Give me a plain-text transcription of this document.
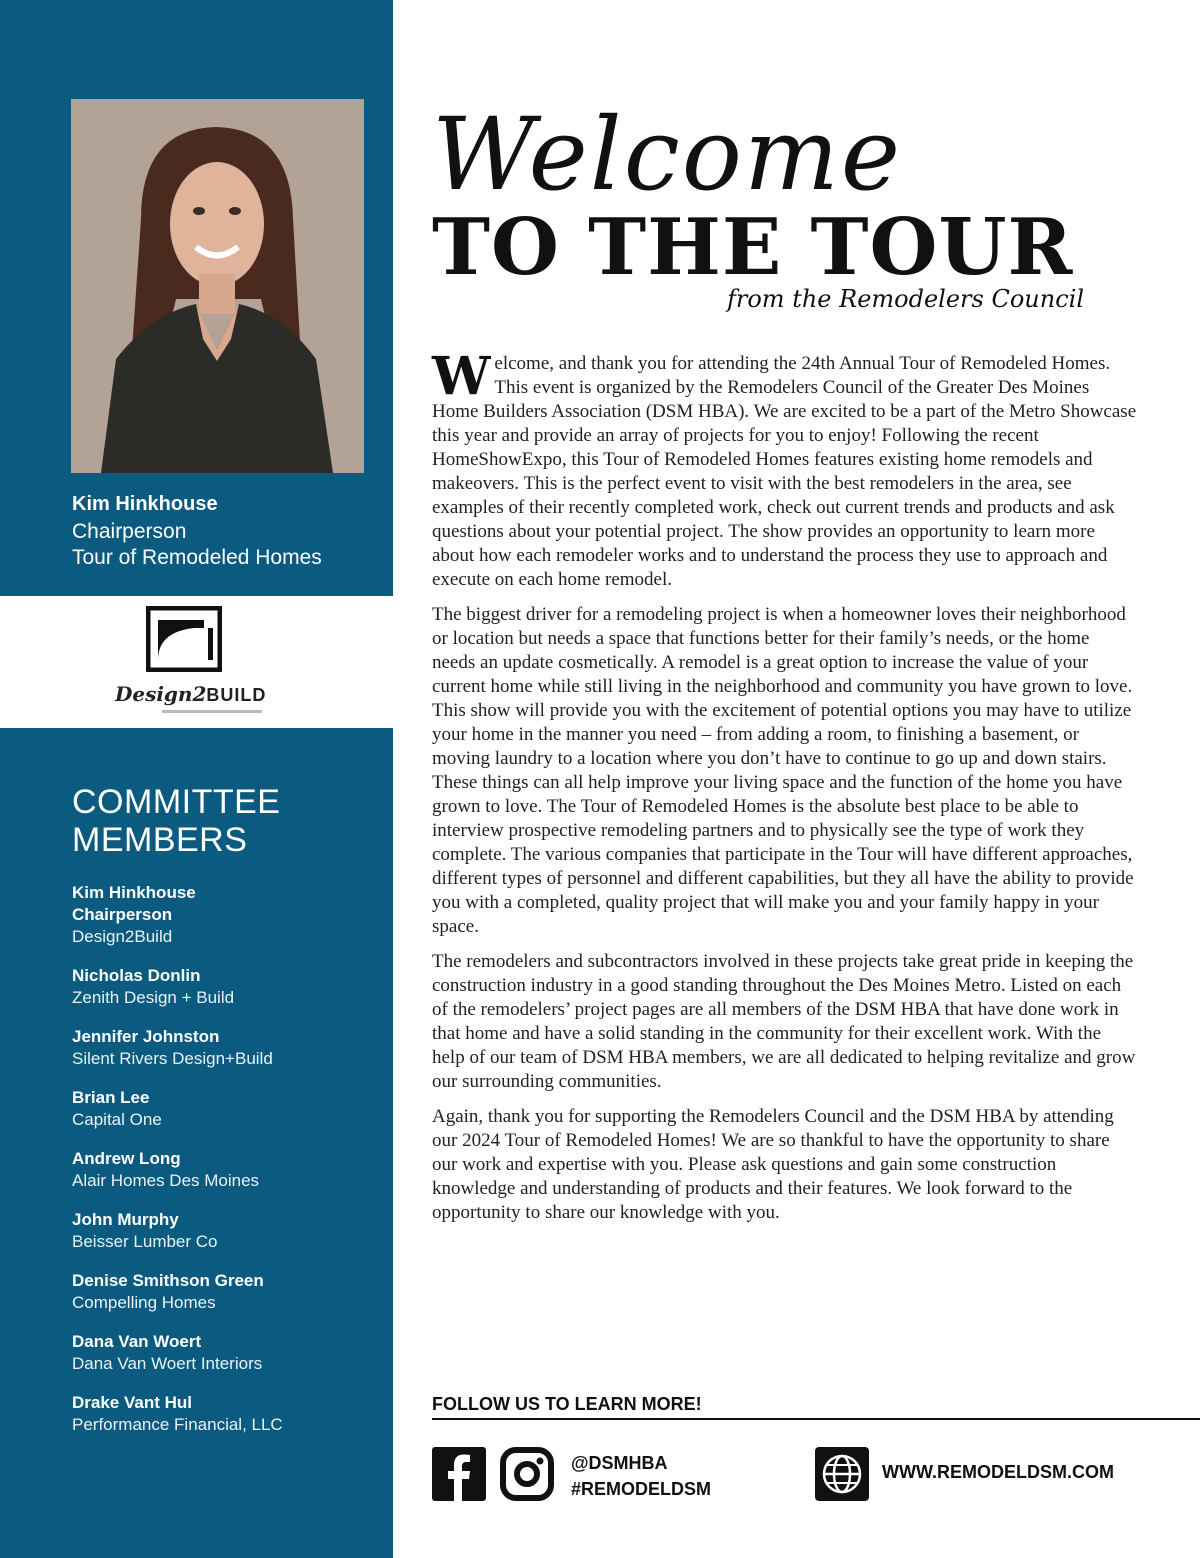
Kim Hinkhouse
Chairperson
Tour of Remodeled Homes
Design2BUILD
COMMITTEE
MEMBERS
Kim Hinkhouse
Chairperson
Design2Build
Nicholas Donlin
Zenith Design + Build
Jennifer Johnston
Silent Rivers Design+Build
Brian Lee
Capital One
Andrew Long
Alair Homes Des Moines
John Murphy
Beisser Lumber Co
Denise Smithson Green
Compelling Homes
Dana Van Woert
Dana Van Woert Interiors
Drake Vant Hul
Performance Financial, LLC
Welcome
TO THE TOUR
from the Remodelers Council

Welcome, and thank you for attending the 24th Annual Tour of Remodeled Homes. This event is organized by the Remodelers Council of the Greater Des Moines Home Builders Association (DSM HBA). We are excited to be a part of the Metro Showcase this year and provide an array of projects for you to enjoy! Following the recent HomeShowExpo, this Tour of Remodeled Homes features existing home remodels and makeovers. This is the perfect event to visit with the best remodelers in the area, see examples of their recently completed work, check out current trends and products and ask questions about your potential project. The show provides an opportunity to learn more about how each remodeler works and to understand the process they use to approach and execute on each home remodel.

The biggest driver for a remodeling project is when a homeowner loves their neighborhood or location but needs a space that functions better for their family’s needs, or the home needs an update cosmetically. A remodel is a great option to increase the value of your current home while still living in the neighborhood and community you have grown to love. This show will provide you with the excitement of potential options you may have to utilize your home in the manner you need – from adding a room, to finishing a basement, or moving laundry to a location where you don’t have to continue to go up and down stairs. These things can all help improve your living space and the function of the home you have grown to love. The Tour of Remodeled Homes is the absolute best place to be able to interview prospective remodeling partners and to physically see the type of work they complete. The various companies that participate in the Tour will have different approaches, different types of personnel and different capabilities, but they all have the ability to provide you with a completed, quality project that will make you and your family happy in your space.

The remodelers and subcontractors involved in these projects take great pride in keeping the construction industry in a good standing throughout the Des Moines Metro. Listed on each of the remodelers’ project pages are all members of the DSM HBA that have done work in that home and have a solid standing in the community for their excellent work. With the help of our team of DSM HBA members, we are all dedicated to helping revitalize and grow our surrounding communities.

Again, thank you for supporting the Remodelers Council and the DSM HBA by attending our 2024 Tour of Remodeled Homes! We are so thankful to have the opportunity to share our work and expertise with you. Please ask questions and gain some construction knowledge and understanding of products and their features. We look forward to the opportunity to share our knowledge with you.

FOLLOW US TO LEARN MORE!
@DSMHBA
#REMODELDSM
WWW.REMODELDSM.COM
